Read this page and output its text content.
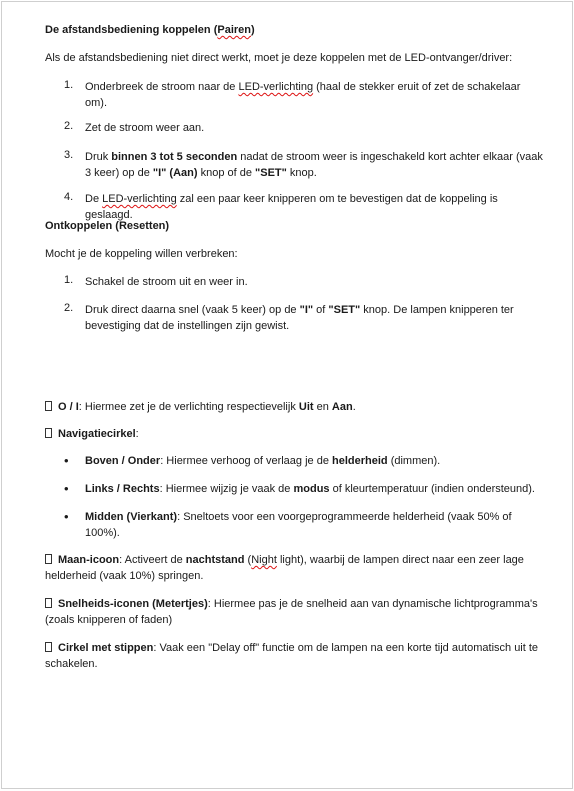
De afstandsbediening koppelen (Pairen)

Als de afstandsbediening niet direct werkt, moet je deze koppelen met de LED-ontvanger/driver:

1. Onderbreek de stroom naar de LED-verlichting (haal de stekker eruit of zet de schakelaar om).
2. Zet de stroom weer aan.
3. Druk binnen 3 tot 5 seconden nadat de stroom weer is ingeschakeld kort achter elkaar (vaak 3 keer) op de "I" (Aan) knop of de "SET" knop.
4. De LED-verlichting zal een paar keer knipperen om te bevestigen dat de koppeling is geslaagd.

Ontkoppelen (Resetten)

Mocht je de koppeling willen verbreken:

1. Schakel de stroom uit en weer in.
2. Druk direct daarna snel (vaak 5 keer) op de "I" of "SET" knop. De lampen knipperen ter bevestiging dat de instellingen zijn gewist.

O / I: Hiermee zet je de verlichting respectievelijk Uit en Aan.

Navigatiecirkel:

• Boven / Onder: Hiermee verhoog of verlaag je de helderheid (dimmen).
• Links / Rechts: Hiermee wijzig je vaak de modus of kleurtemperatuur (indien ondersteund).
• Midden (Vierkant): Sneltoets voor een voorgeprogrammeerde helderheid (vaak 50% of 100%).

Maan-icoon: Activeert de nachtstand (Night light), waarbij de lampen direct naar een zeer lage helderheid (vaak 10%) springen.

Snelheids-iconen (Metertjes): Hiermee pas je de snelheid aan van dynamische lichtprogramma's (zoals knipperen of faden)

Cirkel met stippen: Vaak een "Delay off" functie om de lampen na een korte tijd automatisch uit te schakelen.
